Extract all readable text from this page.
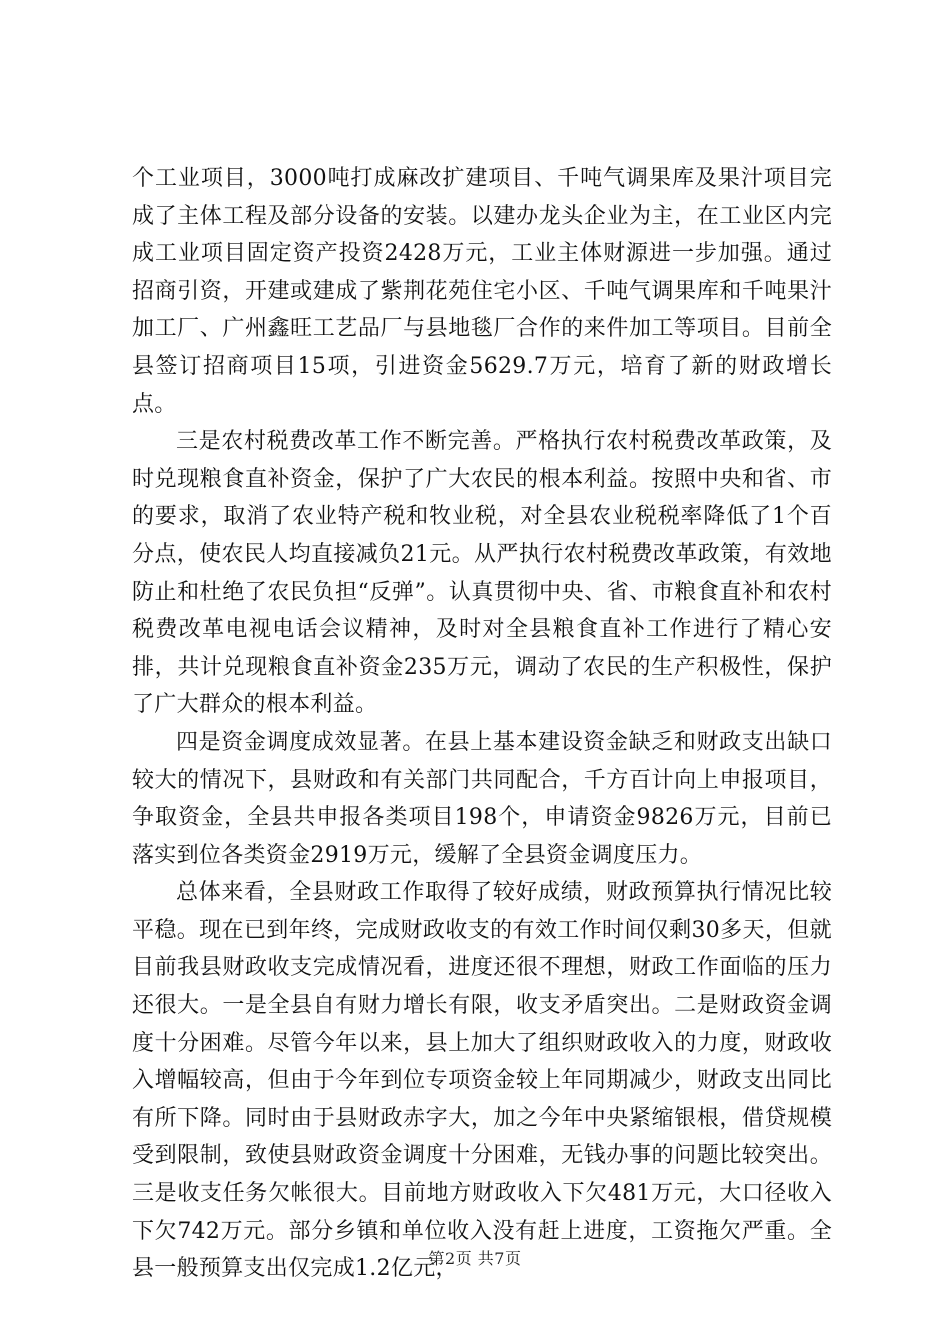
个工业项目，3000吨打成麻改扩建项目、千吨气调果库及果汁项目完成了主体工程及部分设备的安装。以建办龙头企业为主，在工业区内完成工业项目固定资产投资2428万元，工业主体财源进一步加强。通过招商引资，开建或建成了紫荆花苑住宅小区、千吨气调果库和千吨果汁加工厂、广州鑫旺工艺品厂与县地毯厂合作的来件加工等项目。目前全县签订招商项目15项，引进资金5629.7万元，培育了新的财政增长点。

三是农村税费改革工作不断完善。严格执行农村税费改革政策，及时兑现粮食直补资金，保护了广大农民的根本利益。按照中央和省、市的要求，取消了农业特产税和牧业税，对全县农业税税率降低了1个百分点，使农民人均直接减负21元。从严执行农村税费改革政策，有效地防止和杜绝了农民负担“反弹”。认真贯彻中央、省、市粮食直补和农村税费改革电视电话会议精神，及时对全县粮食直补工作进行了精心安排，共计兑现粮食直补资金235万元，调动了农民的生产积极性，保护了广大群众的根本利益。

四是资金调度成效显著。在县上基本建设资金缺乏和财政支出缺口较大的情况下，县财政和有关部门共同配合，千方百计向上申报项目，争取资金，全县共申报各类项目198个，申请资金9826万元，目前已落实到位各类资金2919万元，缓解了全县资金调度压力。

总体来看，全县财政工作取得了较好成绩，财政预算执行情况比较平稳。现在已到年终，完成财政收支的有效工作时间仅剩30多天，但就目前我县财政收支完成情况看，进度还很不理想，财政工作面临的压力还很大。一是全县自有财力增长有限，收支矛盾突出。二是财政资金调度十分困难。尽管今年以来，县上加大了组织财政收入的力度，财政收入增幅较高，但由于今年到位专项资金较上年同期减少，财政支出同比有所下降。同时由于县财政赤字大，加之今年中央紧缩银根，借贷规模受到限制，致使县财政资金调度十分困难，无钱办事的问题比较突出。三是收支任务欠帐很大。目前地方财政收入下欠481万元，大口径收入下欠742万元。部分乡镇和单位收入没有赶上进度，工资拖欠严重。全县一般预算支出仅完成1.2亿元，

第2页 共7页
